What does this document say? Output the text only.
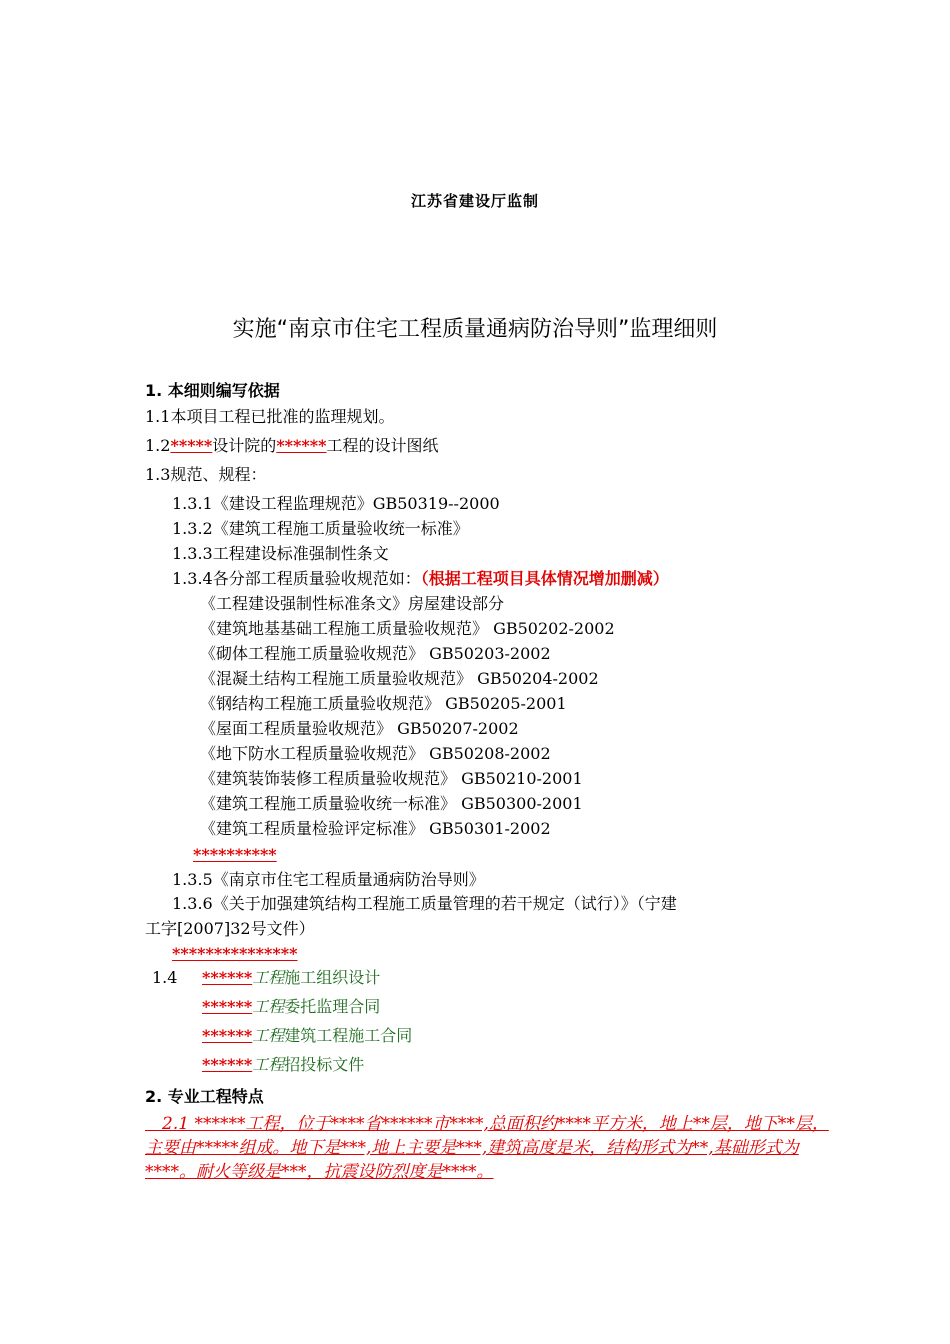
江苏省建设厅监制
实施“南京市住宅工程质量通病防治导则”监理细则
1. 本细则编写依据
1.1本项目工程已批准的监理规划。
1.2*****设计院的******工程的设计图纸
1.3规范、规程：
1.3.1《建设工程监理规范》GB50319--2000
1.3.2《建筑工程施工质量验收统一标准》
1.3.3工程建设标准强制性条文
1.3.4各分部工程质量验收规范如：（根据工程项目具体情况增加删减）
《工程建设强制性标准条文》房屋建设部分
《建筑地基基础工程施工质量验收规范》 GB50202-2002
《砌体工程施工质量验收规范》 GB50203-2002
《混凝土结构工程施工质量验收规范》 GB50204-2002
《钢结构工程施工质量验收规范》 GB50205-2001
《屋面工程质量验收规范》 GB50207-2002
《地下防水工程质量验收规范》 GB50208-2002
《建筑装饰装修工程质量验收规范》 GB50210-2001
《建筑工程施工质量验收统一标准》 GB50300-2001
《建筑工程质量检验评定标准》 GB50301-2002
**********
1.3.5《南京市住宅工程质量通病防治导则》
1.3.6《关于加强建筑结构工程施工质量管理的若干规定（试行）》（宁建
工字[2007]32号文件）
***************
1.4 ******工程施工组织设计
******工程委托监理合同
******工程建筑工程施工合同
******工程招投标文件
2. 专业工程特点
　2.1 ******工程，位于****省******市****,总面积约****平方米，地上**层，地下**层，主要由*****组成。地下是***,地上主要是***,建筑高度是米，结构形式为**,基础形式为****。耐火等级是***，抗震设防烈度是****。
